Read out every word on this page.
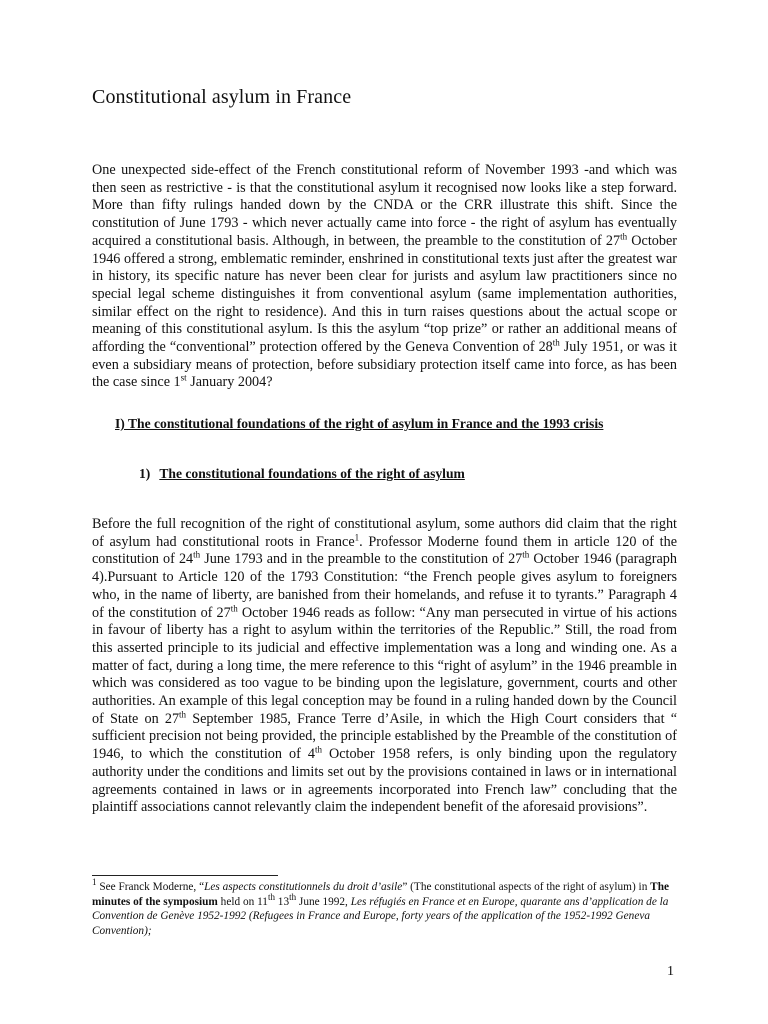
Constitutional asylum in France

One unexpected side-effect of the French constitutional reform of November 1993 -and which was then seen as restrictive - is that the constitutional asylum it recognised now looks like a step forward. More than fifty rulings handed down by the CNDA or the CRR illustrate this shift. Since the constitution of June 1793 - which never actually came into force - the right of asylum has eventually acquired a constitutional basis. Although, in between, the preamble to the constitution of 27th October 1946 offered a strong, emblematic reminder, enshrined in constitutional texts just after the greatest war in history, its specific nature has never been clear for jurists and asylum law practitioners since no special legal scheme distinguishes it from conventional asylum (same implementation authorities, similar effect on the right to residence). And this in turn raises questions about the actual scope or meaning of this constitutional asylum. Is this the asylum “top prize” or rather an additional means of affording the “conventional” protection offered by the Geneva Convention of 28th July 1951, or was it even a subsidiary means of protection, before subsidiary protection itself came into force, as has been the case since 1st January 2004?

I) The constitutional foundations of the right of asylum in France and the 1993 crisis
1) The constitutional foundations of the right of asylum

Before the full recognition of the right of constitutional asylum, some authors did claim that the right of asylum had constitutional roots in France$^1$. Professor Moderne found them in article 120 of the constitution of 24th June 1793 and in the preamble to the constitution of 27th October 1946 (paragraph 4).Pursuant to Article 120 of the 1793 Constitution: “the French people gives asylum to foreigners who, in the name of liberty, are banished from their homelands, and refuse it to tyrants.” Paragraph 4 of the constitution of 27th October 1946 reads as follow: “Any man persecuted in virtue of his actions in favour of liberty has a right to asylum within the territories of the Republic.” Still, the road from this asserted principle to its judicial and effective implementation was a long and winding one. As a matter of fact, during a long time, the mere reference to this “right of asylum” in the 1946 preamble in which was considered as too vague to be binding upon the legislature, government, courts and other authorities. An example of this legal conception may be found in a ruling handed down by the Council of State on 27th September 1985, France Terre d’Asile, in which the High Court considers that “ sufficient precision not being provided, the principle established by the Preamble of the constitution of 1946, to which the constitution of 4th October 1958 refers, is only binding upon the regulatory authority under the conditions and limits set out by the provisions contained in laws or in international agreements contained in laws or in agreements incorporated into French law” concluding that the plaintiff associations cannot relevantly claim the independent benefit of the aforesaid provisions”.

$^1$ See Franck Moderne, “Les aspects constitutionnels du droit d’asile” (The constitutional aspects of the right of asylum) in The minutes of the symposium held on 11th 13th June 1992, Les réfugiés en France et en Europe, quarante ans d’application de la Convention de Genève 1952-1992 (Refugees in France and Europe, forty years of the application of the 1952-1992 Geneva Convention);

1
